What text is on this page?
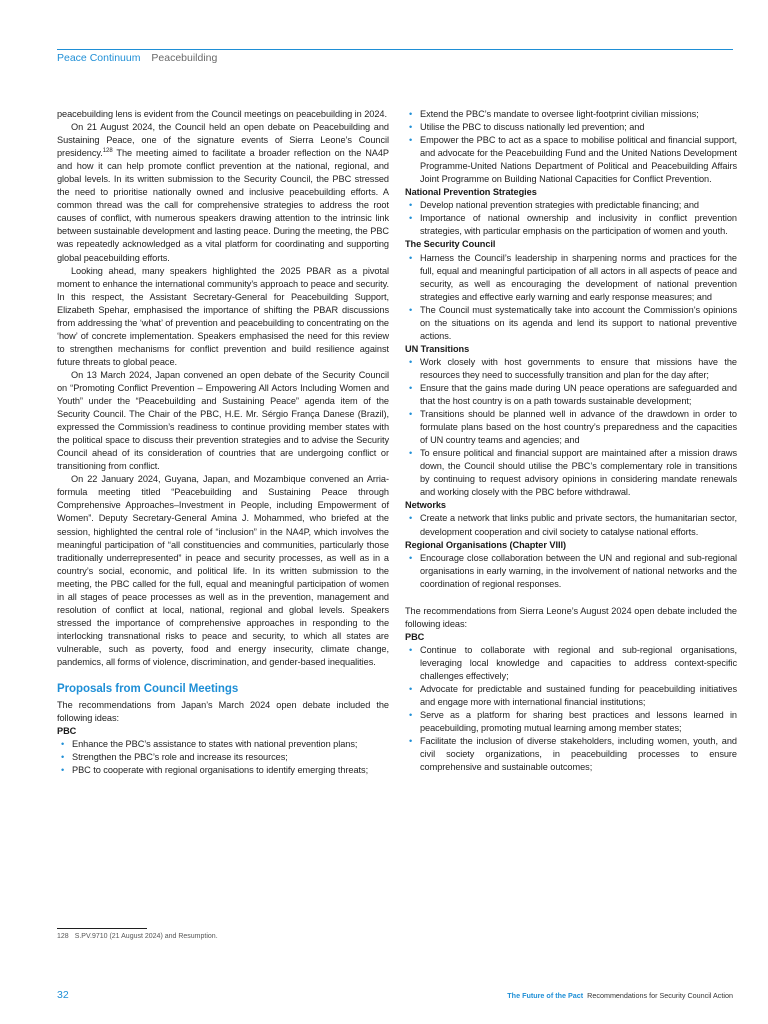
Peace Continuum Peacebuilding

peacebuilding lens is evident from the Council meetings on peacebuilding in 2024.

On 21 August 2024, the Council held an open debate on Peacebuilding and Sustaining Peace, one of the signature events of Sierra Leone’s Council presidency.$^{128}$ The meeting aimed to facilitate a broader reflection on the NA4P and how it can help promote conflict prevention at the national, regional, and global levels. In its written submission to the Security Council, the PBC stressed the need to prioritise nationally owned and inclusive peacebuilding efforts. A common thread was the call for comprehensive strategies to address the root causes of conflict, with numerous speakers drawing attention to the intrinsic link between sustainable development and lasting peace. During the meeting, the PBC was repeatedly acknowledged as a vital platform for coordinating and supporting global peacebuilding efforts.

Looking ahead, many speakers highlighted the 2025 PBAR as a pivotal moment to enhance the international community’s approach to peace and security. In this respect, the Assistant Secretary-General for Peacebuilding Support, Elizabeth Spehar, emphasised the importance of shifting the PBAR discussions from addressing the ‘what’ of prevention and peacebuilding to concentrating on the ‘how’ of concrete implementation. Speakers emphasised the need for this review to strengthen mechanisms for conflict prevention and build resilience against future threats to global peace.

On 13 March 2024, Japan convened an open debate of the Security Council on “Promoting Conflict Prevention – Empowering All Actors Including Women and Youth” under the “Peacebuilding and Sustaining Peace” agenda item of the Security Council. The Chair of the PBC, H.E. Mr. Sérgio França Danese (Brazil), expressed the Commission’s readiness to continue providing member states with the political space to discuss their prevention strategies and to advise the Security Council ahead of its consideration of countries that are undergoing conflict or transitioning from conflict.

On 22 January 2024, Guyana, Japan, and Mozambique convened an Arria-formula meeting titled “Peacebuilding and Sustaining Peace through Comprehensive Approaches–Investment in People, including Empowerment of Women”. Deputy Secretary-General Amina J. Mohammed, who briefed at the session, highlighted the central role of “inclusion” in the NA4P, which involves the meaningful participation of “all constituencies and communities, particularly those traditionally underrepresented” in peace and security processes, as well as in a country’s social, economic, and political life. In its written submission to the meeting, the PBC called for the full, equal and meaningful participation of women in all stages of peace processes as well as in the prevention, management and resolution of conflict at local, national, regional and global levels. Speakers stressed the importance of comprehensive approaches in responding to the interlocking transnational risks to peace and security, to which all states are vulnerable, such as poverty, food and energy insecurity, climate change, pandemics, all forms of violence, discrimination, and gender-based inequalities.

Proposals from Council Meetings

The recommendations from Japan’s March 2024 open debate included the following ideas:

PBC
• Enhance the PBC’s assistance to states with national prevention plans;
• Strengthen the PBC’s role and increase its resources;
• PBC to cooperate with regional organisations to identify emerging threats;
• Extend the PBC’s mandate to oversee light-footprint civilian missions;
• Utilise the PBC to discuss nationally led prevention; and
• Empower the PBC to act as a space to mobilise political and financial support, and advocate for the Peacebuilding Fund and the United Nations Development Programme-United Nations Department of Political and Peacebuilding Affairs Joint Programme on Building National Capacities for Conflict Prevention.
National Prevention Strategies
• Develop national prevention strategies with predictable financing; and
• Importance of national ownership and inclusivity in conflict prevention strategies, with particular emphasis on the participation of women and youth.
The Security Council
• Harness the Council’s leadership in sharpening norms and practices for the full, equal and meaningful participation of all actors in all aspects of peace and security, as well as encouraging the development of national prevention strategies and effective early warning and early response measures; and
• The Council must systematically take into account the Commission’s opinions on the situations on its agenda and lend its support to national preventive actions.
UN Transitions
• Work closely with host governments to ensure that missions have the resources they need to successfully transition and plan for the day after;
• Ensure that the gains made during UN peace operations are safeguarded and that the host country is on a path towards sustainable development;
• Transitions should be planned well in advance of the drawdown in order to formulate plans based on the host country’s preparedness and the capacities of UN country teams and agencies; and
• To ensure political and financial support are maintained after a mission draws down, the Council should utilise the PBC’s complementary role in transitions by continuing to request advisory opinions in considering mandate renewals and working closely with the PBC before withdrawal.
Networks
• Create a network that links public and private sectors, the humanitarian sector, development cooperation and civil society to catalyse national efforts.
Regional Organisations (Chapter VIII)
• Encourage close collaboration between the UN and regional and sub-regional organisations in early warning, in the involvement of national networks and the coordination of regional responses.

The recommendations from Sierra Leone’s August 2024 open debate included the following ideas:

PBC
• Continue to collaborate with regional and sub-regional organisations, leveraging local knowledge and capacities to address context-specific challenges effectively;
• Advocate for predictable and sustained funding for peacebuilding initiatives and engage more with international financial institutions;
• Serve as a platform for sharing best practices and lessons learned in peacebuilding, promoting mutual learning among member states;
• Facilitate the inclusion of diverse stakeholders, including women, youth, and civil society organizations, in peacebuilding processes to ensure comprehensive and sustainable outcomes;
128 S.PV.9710 (21 August 2024) and Resumption.
32	The Future of the Pact Recommendations for Security Council Action
